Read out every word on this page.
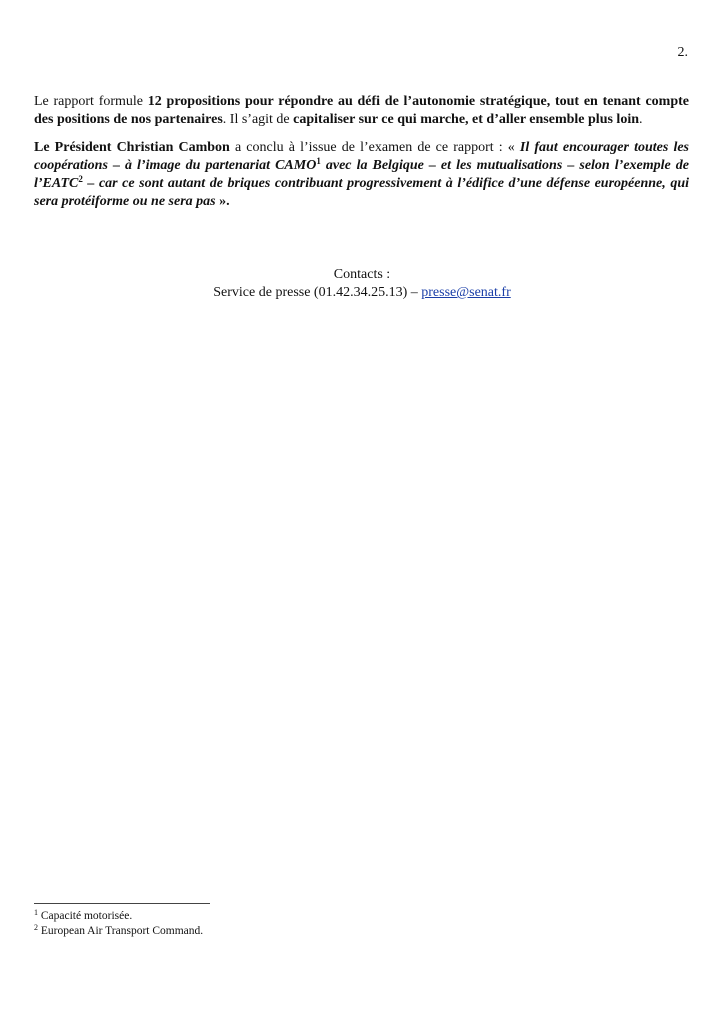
2.

Le rapport formule 12 propositions pour répondre au défi de l’autonomie stratégique, tout en tenant compte des positions de nos partenaires. Il s’agit de capitaliser sur ce qui marche, et d’aller ensemble plus loin.

Le Président Christian Cambon a conclu à l’issue de l’examen de ce rapport : « Il faut encourager toutes les coopérations – à l’image du partenariat CAMO$^1$ avec la Belgique – et les mutualisations – selon l’exemple de l’EATC$^2$ – car ce sont autant de briques contribuant progressivement à l’édifice d’une défense européenne, qui sera protéiforme ou ne sera pas ».

Contacts :
Service de presse (01.42.34.25.13) – presse@senat.fr
$^1$ Capacité motorisée.
$^2$ European Air Transport Command.
